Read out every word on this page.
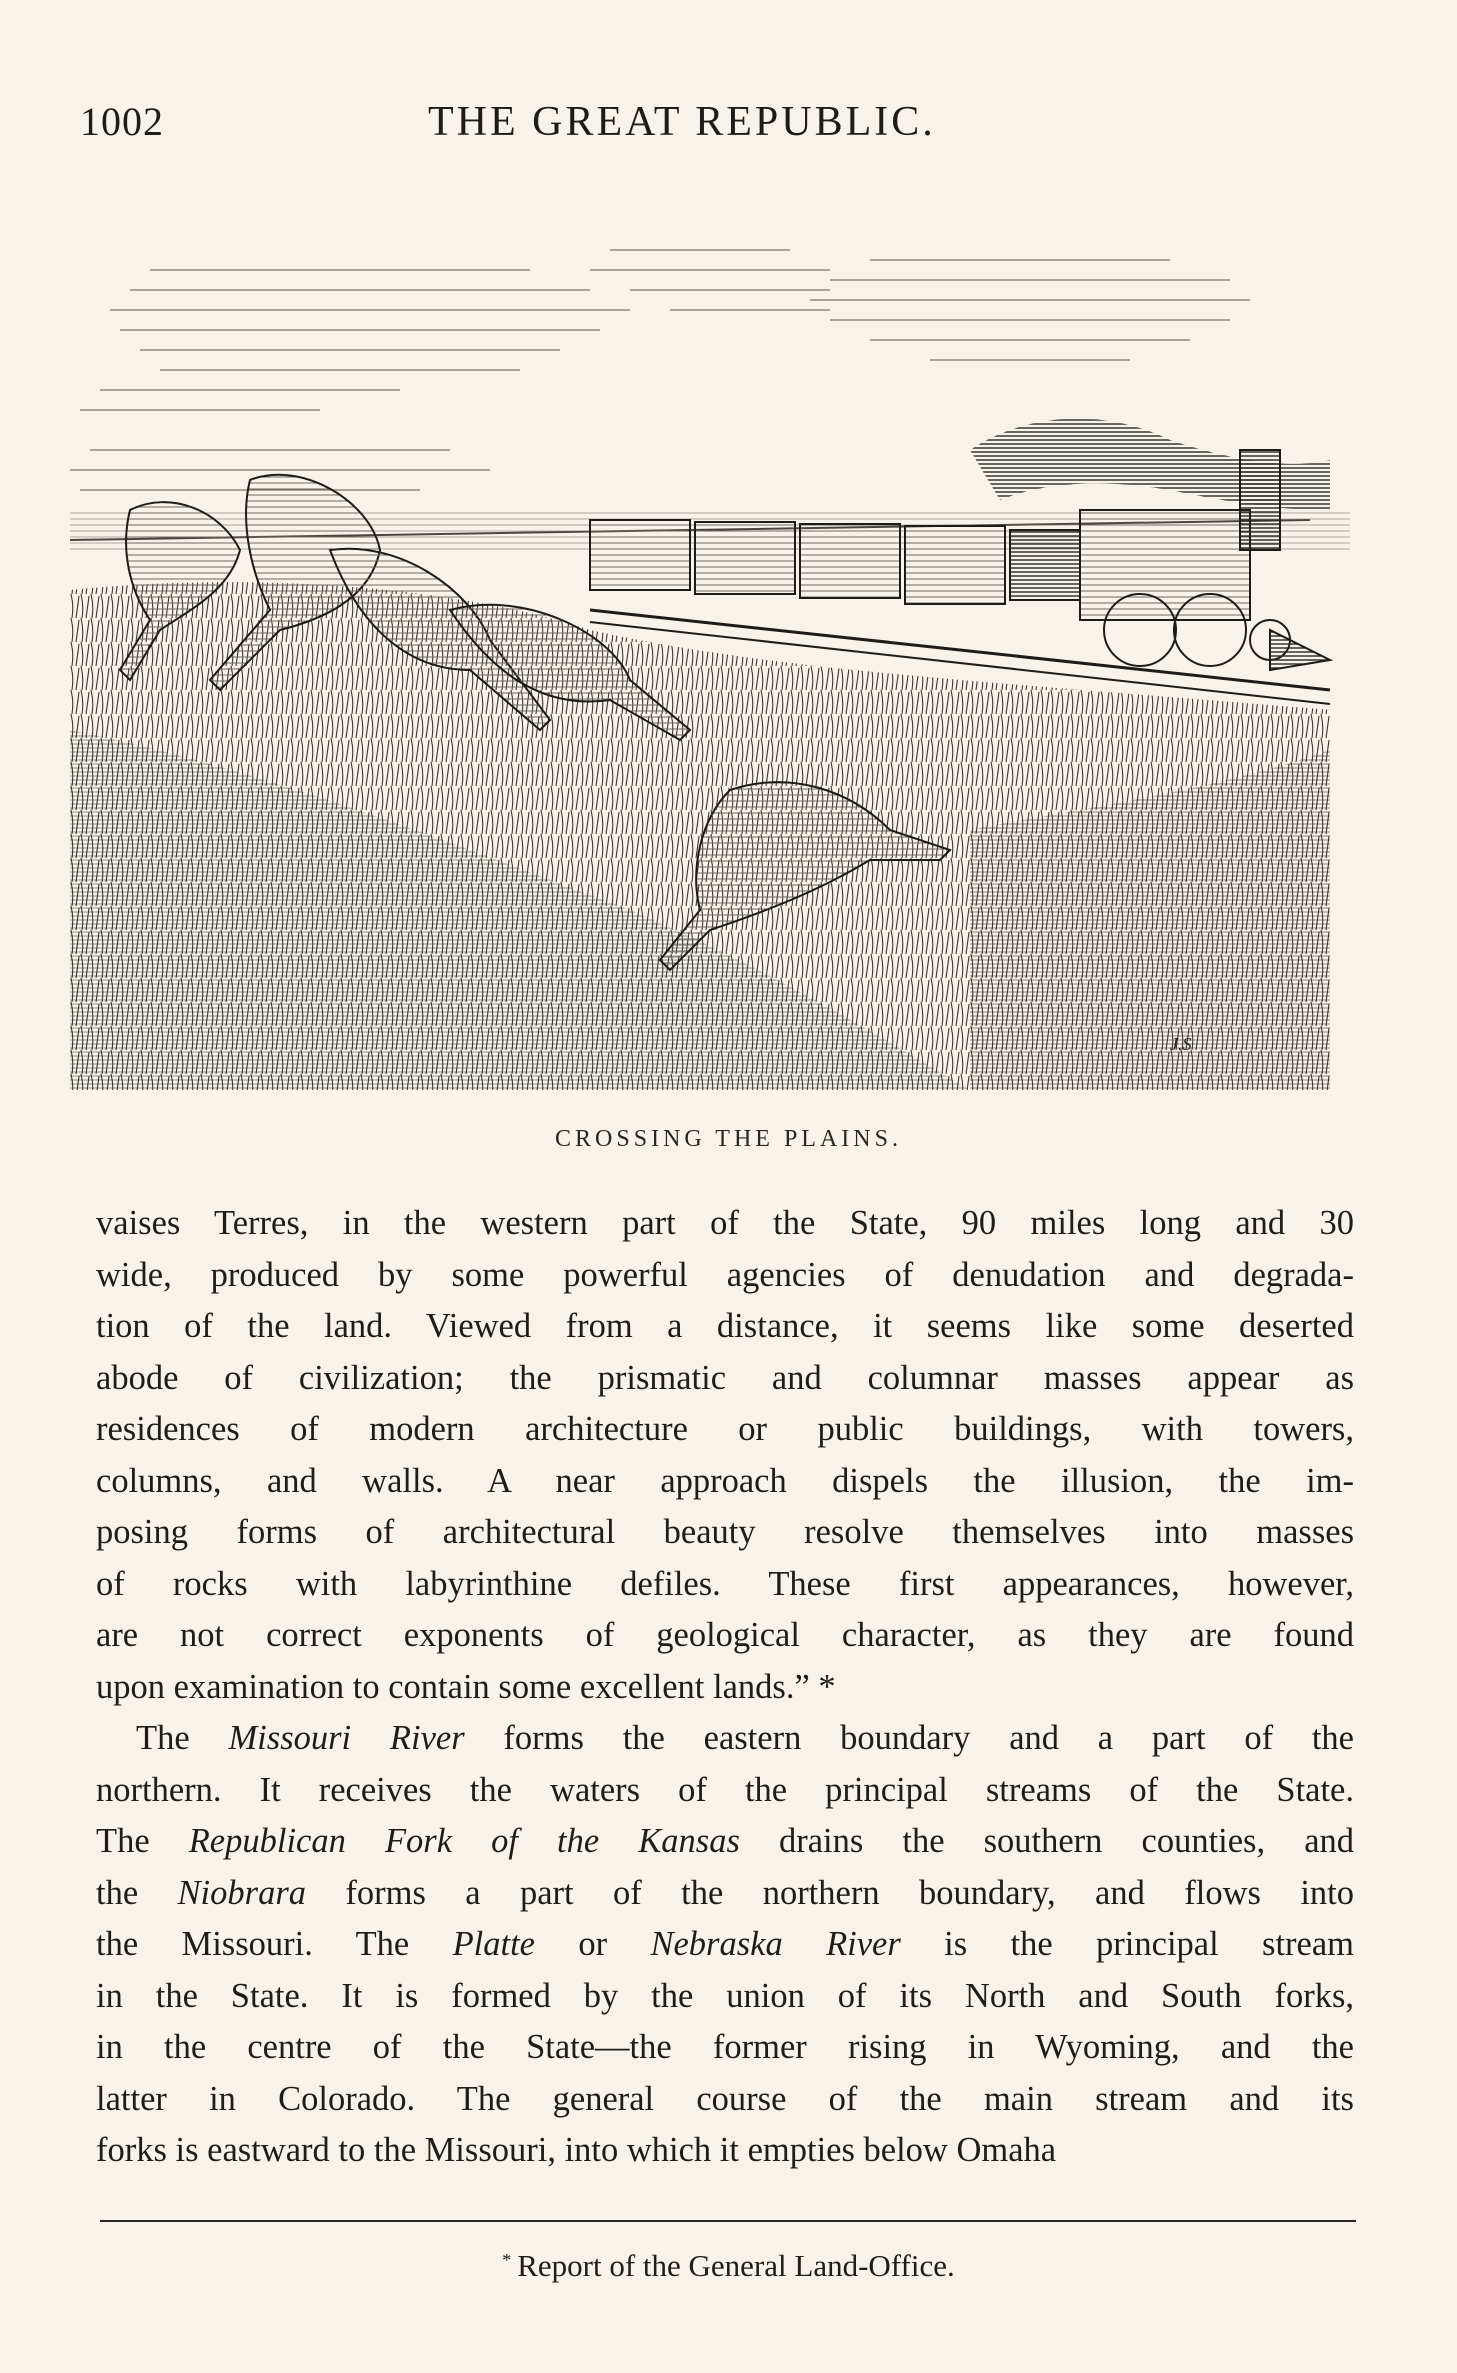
1002	THE GREAT REPUBLIC.
J.S
CROSSING THE PLAINS.
vaises Terres, in the western part of the State, 90 miles long and 30
wide, produced by some powerful agencies of denudation and degrada-
tion of the land. Viewed from a distance, it seems like some deserted
abode of civilization; the prismatic and columnar masses appear as
residences of modern architecture or public buildings, with towers,
columns, and walls. A near approach dispels the illusion, the im-
posing forms of architectural beauty resolve themselves into masses
of rocks with labyrinthine defiles. These first appearances, however,
are not correct exponents of geological character, as they are found
upon examination to contain some excellent lands.” *
The Missouri River forms the eastern boundary and a part of the
northern. It receives the waters of the principal streams of the State.
The Republican Fork of the Kansas drains the southern counties, and
the Niobrara forms a part of the northern boundary, and flows into
the Missouri. The Platte or Nebraska River is the principal stream
in the State. It is formed by the union of its North and South forks,
in the centre of the State—the former rising in Wyoming, and the
latter in Colorado. The general course of the main stream and its
forks is eastward to the Missouri, into which it empties below Omaha
* Report of the General Land-Office.
